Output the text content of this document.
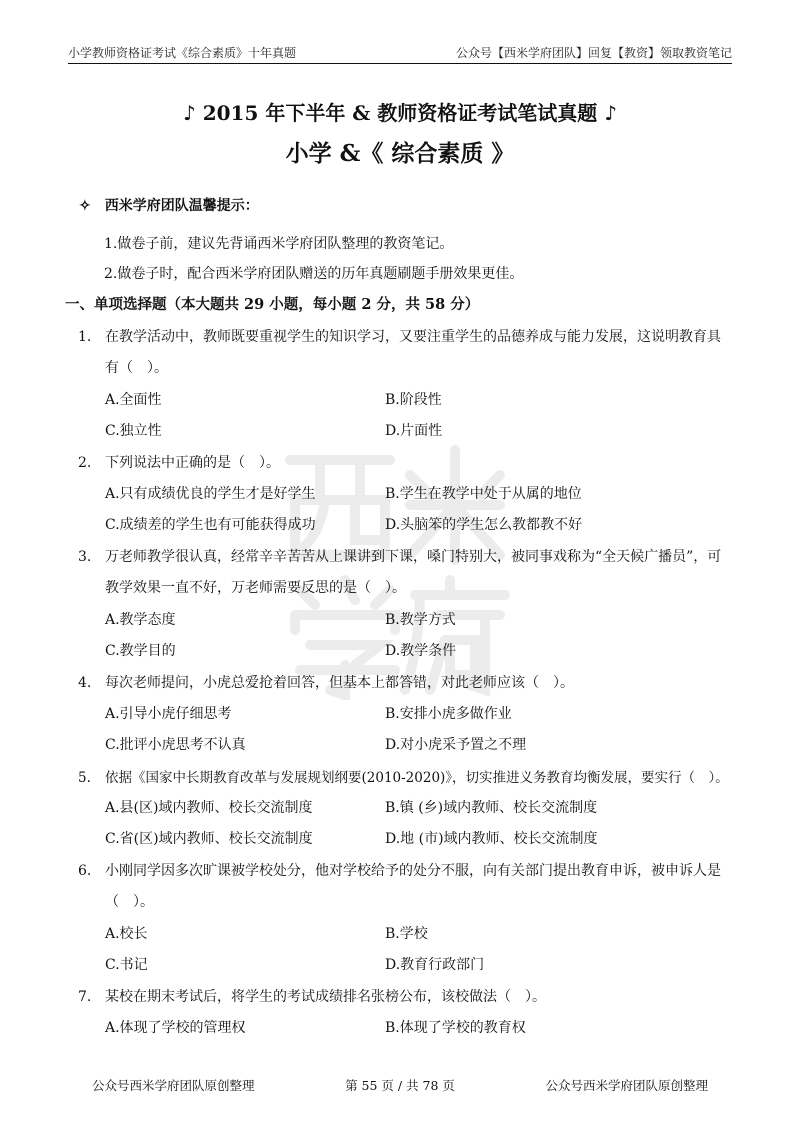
小学教师资格证考试《综合素质》十年真题	公众号【西米学府团队】回复【教资】领取教资笔记
♪ 2015 年下半年 & 教师资格证考试笔试真题 ♪
小学 &《 综合素质 》
✧　西米学府团队温馨提示：
1.做卷子前，建议先背诵西米学府团队整理的教资笔记。
2.做卷子时，配合西米学府团队赠送的历年真题刷题手册效果更佳。
一、单项选择题（本大题共 29 小题，每小题 2 分，共 58 分）
1. 在教学活动中，教师既要重视学生的知识学习，又要注重学生的品德养成与能力发展，这说明教育具
有（　）。
A.全面性	B.阶段性
C.独立性	D.片面性
2. 下列说法中正确的是（　）。
A.只有成绩优良的学生才是好学生	B.学生在教学中处于从属的地位
C.成绩差的学生也有可能获得成功	D.头脑笨的学生怎么教都教不好
3. 万老师教学很认真，经常辛辛苦苦从上课讲到下课，嗓门特别大，被同事戏称为“全天候广播员”，可
教学效果一直不好，万老师需要反思的是（　）。
A.教学态度	B.教学方式
C.教学目的	D.教学条件
4. 每次老师提问，小虎总爱抢着回答，但基本上都答错，对此老师应该（　）。
A.引导小虎仔细思考	B.安排小虎多做作业
C.批评小虎思考不认真	D.对小虎采予置之不理
5. 依据《国家中长期教育改革与发展规划纲要(2010-2020)》，切实推进义务教育均衡发展，要实行（　）。
A.县(区)域内教师、校长交流制度	B.镇 (乡)域内教师、校长交流制度
C.省(区)域内教师、校长交流制度	D.地 (市)域内教师、校长交流制度
6. 小刚同学因多次旷课被学校处分，他对学校给予的处分不服，向有关部门提出教育申诉，被申诉人是
（　）。
A.校长	B.学校
C.书记	D.教育行政部门
7. 某校在期末考试后，将学生的考试成绩排名张榜公布，该校做法（　）。
A.体现了学校的管理权	B.体现了学校的教育权
公众号西米学府团队原创整理	第 55 页 / 共 78 页	公众号西米学府团队原创整理
